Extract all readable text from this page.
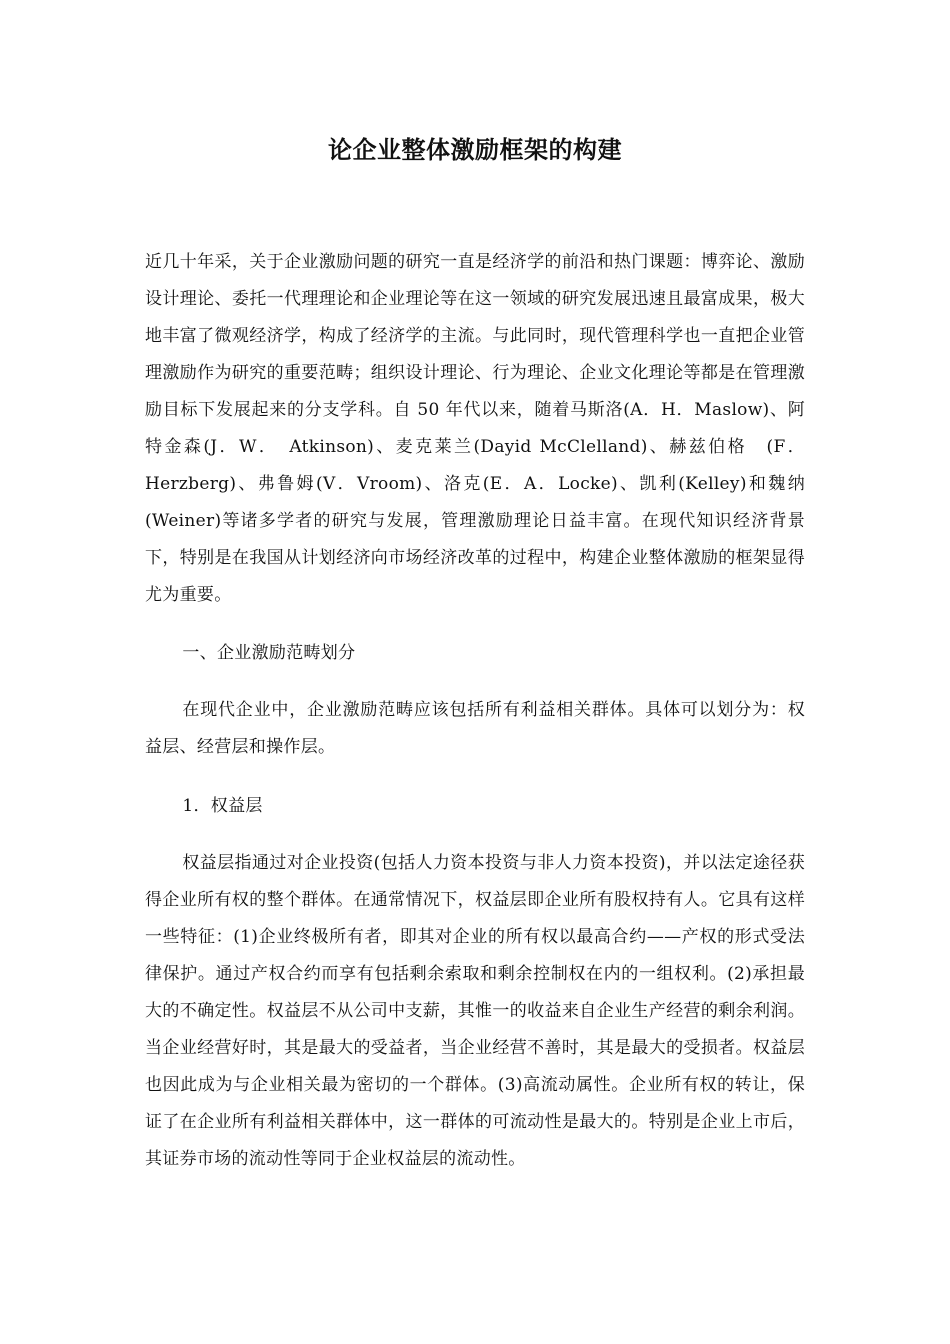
论企业整体激励框架的构建

近几十年采，关于企业激励问题的研究一直是经济学的前沿和热门课题：博弈论、激励设计理论、委托一代理理论和企业理论等在这一领域的研究发展迅速且最富成果，极大地丰富了微观经济学，构成了经济学的主流。与此同时，现代管理科学也一直把企业管理激励作为研究的重要范畴；组织设计理论、行为理论、企业文化理论等都是在管理激励目标下发展起来的分支学科。自 50 年代以来，随着马斯洛(A．H．Maslow)、阿特金森(J．W．　Atkinson)、麦克莱兰(Dayid McClelland)、赫兹伯格　(F．Herzberg)、弗鲁姆(V．Vroom)、洛克(E．A．Locke)、凯利(Kelley)和魏纳(Weiner)等诸多学者的研究与发展，管理激励理论日益丰富。在现代知识经济背景下，特别是在我国从计划经济向市场经济改革的过程中，构建企业整体激励的框架显得尤为重要。

一、企业激励范畴划分

在现代企业中，企业激励范畴应该包括所有利益相关群体。具体可以划分为：权益层、经营层和操作层。

1．权益层

权益层指通过对企业投资(包括人力资本投资与非人力资本投资)，并以法定途径获得企业所有权的整个群体。在通常情况下，权益层即企业所有股权持有人。它具有这样一些特征：(1)企业终极所有者，即其对企业的所有权以最高合约——产权的形式受法律保护。通过产权合约而享有包括剩余索取和剩余控制权在内的一组权利。(2)承担最大的不确定性。权益层不从公司中支薪，其惟一的收益来自企业生产经营的剩余利润。当企业经营好时，其是最大的受益者，当企业经营不善时，其是最大的受损者。权益层也因此成为与企业相关最为密切的一个群体。(3)高流动属性。企业所有权的转让，保证了在企业所有利益相关群体中，这一群体的可流动性是最大的。特别是企业上市后，其证券市场的流动性等同于企业权益层的流动性。
